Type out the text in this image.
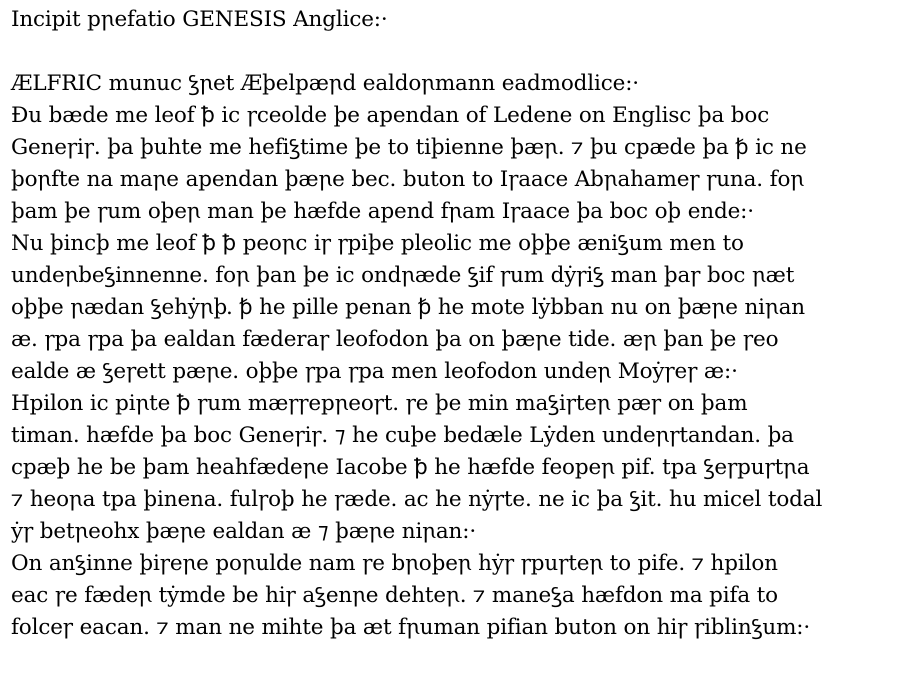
Incipit pꞃefatio GENESIS Anglice:·
ÆLFRIC munuc ꝣꞃet Æþelpæꞃd ealdoꞃmann eadmodlice:·
Ðu bæde me leof ꝥ ic ꞅceolde þe apendan of Ledene on Englisc þa boc
Geneꞅiꞅ. þa þuhte me hefiꝣtime þe to tiþienne þæꞃ. ⁊ þu cpæde þa ꝥ ic ne
þoꞃfte na maꞃe apendan þæꞃe bec. buton to Iꞅaace Abꞃahameꞅ ꞅuna. foꞃ
þam þe ꞅum oþeꞃ man þe hæfde apend fꞃam Iꞅaace þa boc oþ ende:·
Nu þincþ me leof ꝥ ꝥ peoꞃc iꞅ ꞅpiþe pleolic me oþþe æniꝣum men to
undeꞃbeꝣinnenne. foꞃ þan þe ic ondꞃæde ꝣif ꞅum dẏꞅiꝣ man þaꞅ boc ꞃæt
oþþe ꞃædan ꝣehẏꞃþ. ꝥ he pille penan ꝥ he mote lẏbban nu on þæꞃe niꞃan
æ. ꞅpa ꞅpa þa ealdan fæderaꞅ leofodon þa on þæꞃe tide. æꞃ þan þe ꞅeo
ealde æ ꝣeꞅett pæꞃe. oþþe ꞅpa ꞅpa men leofodon undeꞃ Moẏꞅeꞅ æ:·
Hpilon ic piꞃte ꝥ ꞅum mæꞅꞅepꞃeoꞅt. ꞅe þe min maꝣiꞅteꞃ pæꞅ on þam
timan. hæfde þa boc Geneꞅiꞅ. ⁊ he cuþe bedæle Lẏden undeꞃꞅtandan. þa
cpæþ he be þam heahfædeꞃe Iacobe ꝥ he hæfde feopeꞃ pif. tpa ꝣeꞅpuꞅtꞃa
⁊ heoꞃa tpa þinena. fulꞅoþ he ꞅæde. ac he nẏꞅte. ne ic þa ꝣit. hu micel todal
ẏꞅ betꞃeohx þæꞃe ealdan æ ⁊ þæꞃe niꞃan:·
On anꝣinne þiꞅeꞃe poꞃulde nam ꞅe bꞃoþeꞃ hẏꞅ ꞅpuꞅteꞃ to pife. ⁊ hpilon
eac ꞅe fædeꞃ tẏmde be hiꞅ aꝣenꞃe dehteꞃ. ⁊ maneꝣa hæfdon ma pifa to
folceꞅ eacan. ⁊ man ne mihte þa æt fꞃuman pifian buton on hiꞅ ꞅiblinꝣum:·
